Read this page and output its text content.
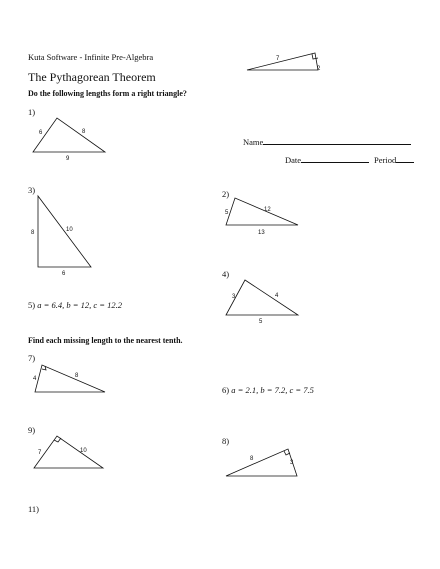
Kuta Software - Infinite Pre-Algebra
The Pythagorean Theorem
Do the following lengths form a right triangle?
7
2
Name
Date	Period
1)
6	8
9
3)
8	10
6
2)
5	12
13
4)
3	4
5
5) a = 6.4, b = 12, c = 12.2
Find each missing length to the nearest tenth.
7)
4	8
6) a = 2.1, b = 7.2, c = 7.5
9)
7	10
8)
8
3
11)
